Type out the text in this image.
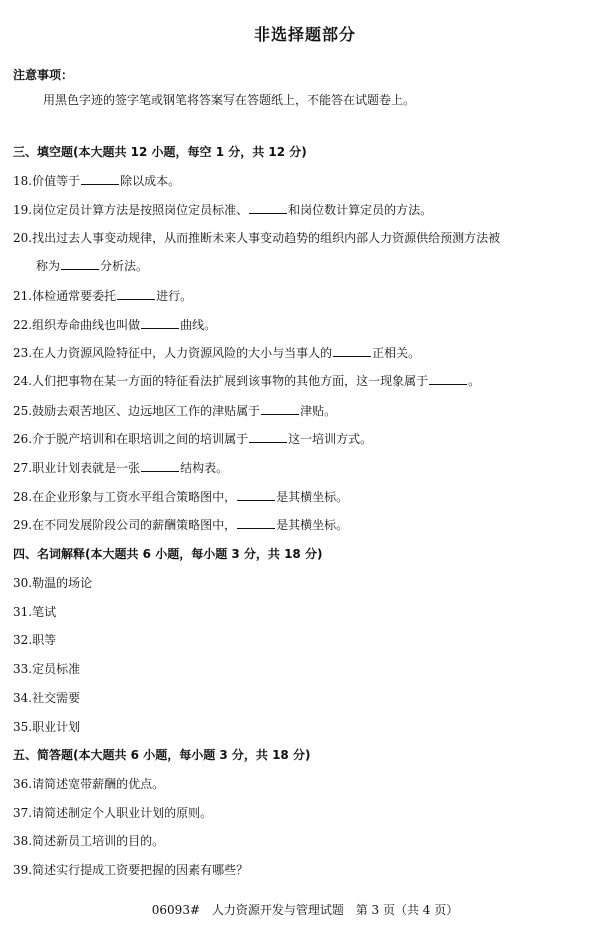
非选择题部分
注意事项：
用黑色字迹的签字笔或钢笔将答案写在答题纸上，不能答在试题卷上。
三、填空题(本大题共 12 小题，每空 1 分，共 12 分)
18.价值等于	除以成本。
19.岗位定员计算方法是按照岗位定员标准、	和岗位数计算定员的方法。
20.找出过去人事变动规律，从而推断未来人事变动趋势的组织内部人力资源供给预测方法被
称为	分析法。
21.体检通常要委托	进行。
22.组织寿命曲线也叫做	曲线。
23.在人力资源风险特征中，人力资源风险的大小与当事人的	正相关。
24.人们把事物在某一方面的特征看法扩展到该事物的其他方面，这一现象属于	。
25.鼓励去艰苦地区、边远地区工作的津贴属于	津贴。
26.介于脱产培训和在职培训之间的培训属于	这一培训方式。
27.职业计划表就是一张	结构表。
28.在企业形象与工资水平组合策略图中，	是其横坐标。
29.在不同发展阶段公司的薪酬策略图中，	是其横坐标。
四、名词解释(本大题共 6 小题，每小题 3 分，共 18 分)
30.勒温的场论
31.笔试
32.职等
33.定员标准
34.社交需要
35.职业计划
五、简答题(本大题共 6 小题，每小题 3 分，共 18 分)
36.请简述宽带薪酬的优点。
37.请简述制定个人职业计划的原则。
38.简述新员工培训的目的。
39.简述实行提成工资要把握的因素有哪些？
06093# 人力资源开发与管理试题 第 3 页（共 4 页）
